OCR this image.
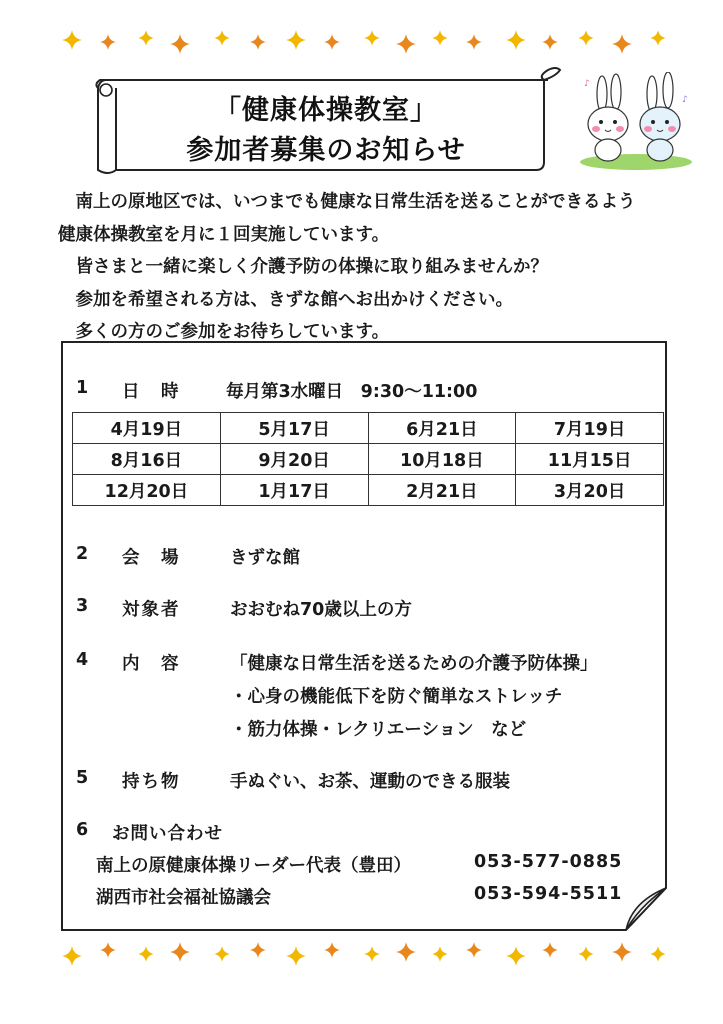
「健康体操教室」
参加者募集のお知らせ
♪
♪
　南上の原地区では、いつまでも健康な日常生活を送ることができるよう
健康体操教室を月に１回実施しています。
　皆さまと一緒に楽しく介護予防の体操に取り組みませんか？
　参加を希望される方は、きずな館へお出かけください。
　多くの方のご参加をお待ちしています。
1 日　時	毎月第3水曜日　9:30〜11:00
4月19日	5月17日	6月21日	7月19日
8月16日	9月20日	10月18日	11月15日
12月20日	1月17日	2月21日	3月20日
2 会　場	きずな館
3 対象者	おおむね70歳以上の方
4 内　容	「健康な日常生活を送るための介護予防体操」
・心身の機能低下を防ぐ簡単なストレッチ
・筋力体操・レクリエーション　など
5 持ち物	手ぬぐい、お茶、運動のできる服装
6 お問い合わせ
南上の原健康体操リーダー代表（豊田）	053-577-0885
湖西市社会福祉協議会	053-594-5511
